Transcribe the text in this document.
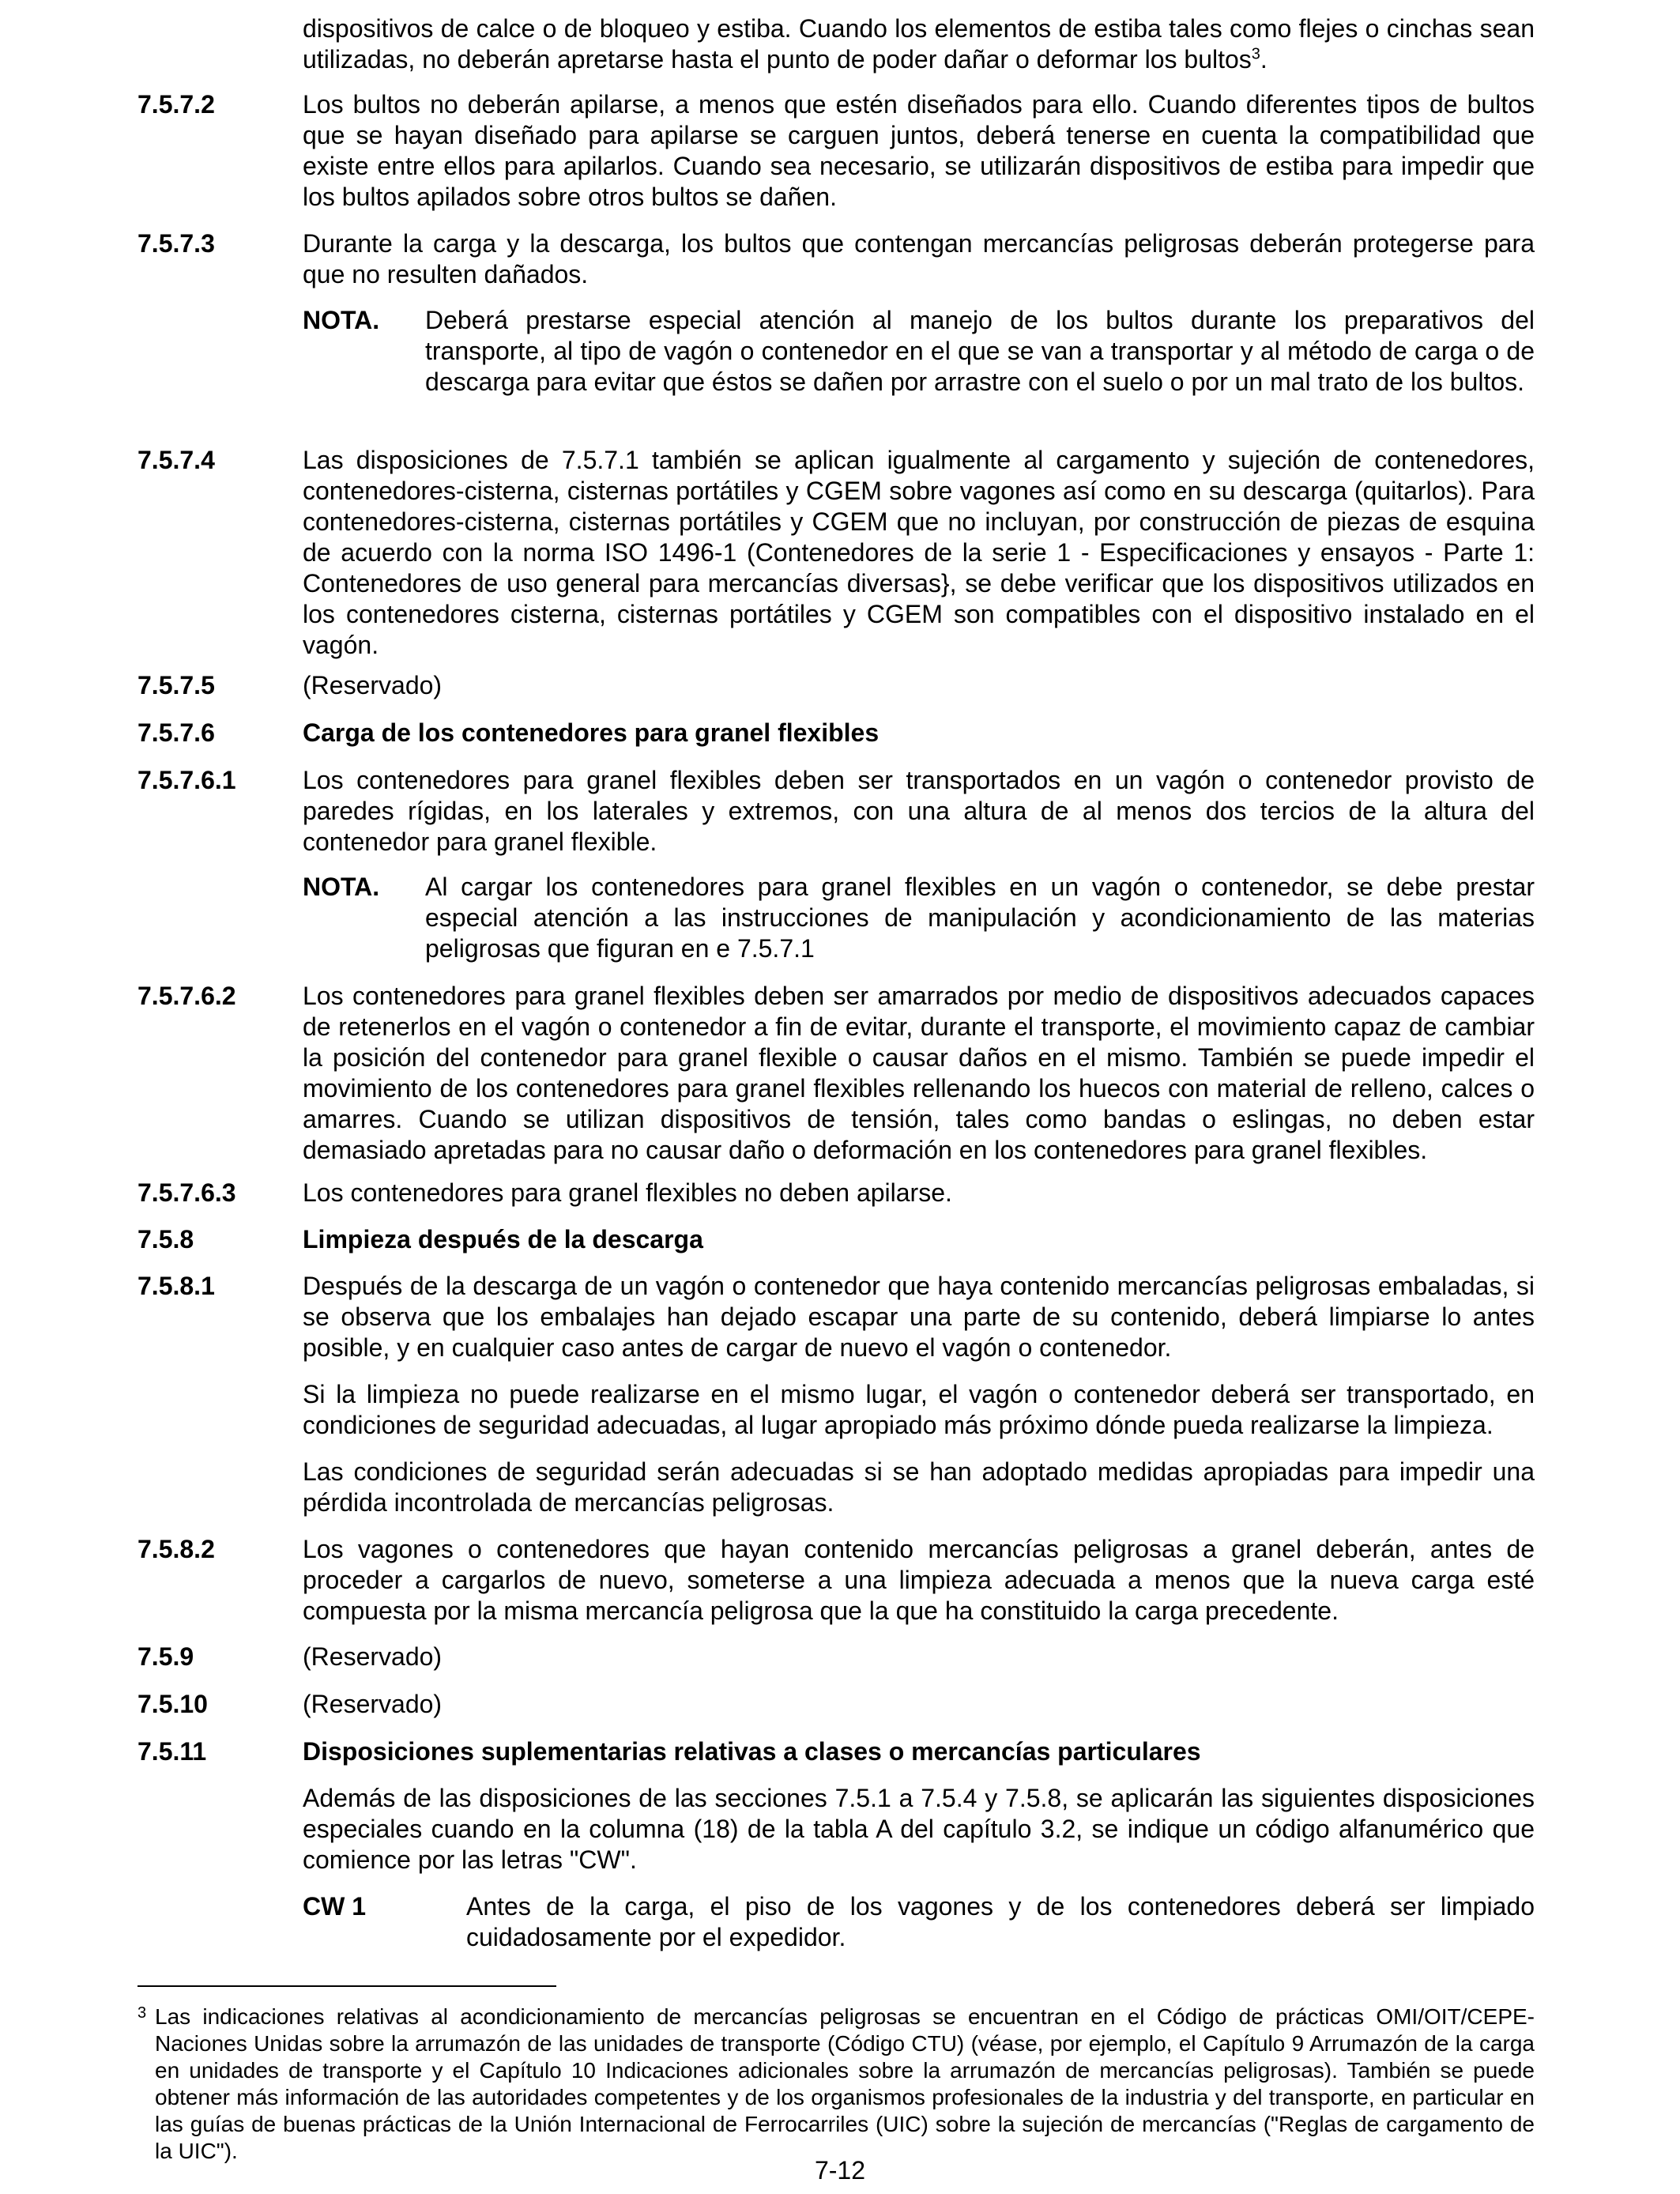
dispositivos de calce o de bloqueo y estiba. Cuando los elementos de estiba tales como flejes o cinchas sean utilizadas, no deberán apretarse hasta el punto de poder dañar o deformar los bultos$^3$.
7.5.7.2	Los bultos no deberán apilarse, a menos que estén diseñados para ello. Cuando diferentes tipos de bultos que se hayan diseñado para apilarse se carguen juntos, deberá tenerse en cuenta la compatibilidad que existe entre ellos para apilarlos. Cuando sea necesario, se utilizarán dispositivos de estiba para impedir que los bultos apilados sobre otros bultos se dañen.
7.5.7.3	Durante la carga y la descarga, los bultos que contengan mercancías peligrosas deberán protegerse para que no resulten dañados.
NOTA. Deberá prestarse especial atención al manejo de los bultos durante los preparativos del transporte, al tipo de vagón o contenedor en el que se van a transportar y al método de carga o de descarga para evitar que éstos se dañen por arrastre con el suelo o por un mal trato de los bultos.
7.5.7.4	Las disposiciones de 7.5.7.1 también se aplican igualmente al cargamento y sujeción de contenedores, contenedores-cisterna, cisternas portátiles y CGEM sobre vagones así como en su descarga (quitarlos). Para contenedores-cisterna, cisternas portátiles y CGEM que no incluyan, por construcción de piezas de esquina de acuerdo con la norma ISO 1496-1 (Contenedores de la serie 1 - Especificaciones y ensayos - Parte 1: Contenedores de uso general para mercancías diversas}, se debe verificar que los dispositivos utilizados en los contenedores cisterna, cisternas portátiles y CGEM son compatibles con el dispositivo instalado en el vagón.
7.5.7.5	(Reservado)
7.5.7.6	Carga de los contenedores para granel flexibles
7.5.7.6.1	Los contenedores para granel flexibles deben ser transportados en un vagón o contenedor provisto de paredes rígidas, en los laterales y extremos, con una altura de al menos dos tercios de la altura del contenedor para granel flexible.
NOTA. Al cargar los contenedores para granel flexibles en un vagón o contenedor, se debe prestar especial atención a las instrucciones de manipulación y acondicionamiento de las materias peligrosas que figuran en e 7.5.7.1
7.5.7.6.2	Los contenedores para granel flexibles deben ser amarrados por medio de dispositivos adecuados capaces de retenerlos en el vagón o contenedor a fin de evitar, durante el transporte, el movimiento capaz de cambiar la posición del contenedor para granel flexible o causar daños en el mismo. También se puede impedir el movimiento de los contenedores para granel flexibles rellenando los huecos con material de relleno, calces o amarres. Cuando se utilizan dispositivos de tensión, tales como bandas o eslingas, no deben estar demasiado apretadas para no causar daño o deformación en los contenedores para granel flexibles.
7.5.7.6.3	Los contenedores para granel flexibles no deben apilarse.
7.5.8	Limpieza después de la descarga
7.5.8.1	Después de la descarga de un vagón o contenedor que haya contenido mercancías peligrosas embaladas, si se observa que los embalajes han dejado escapar una parte de su contenido, deberá limpiarse lo antes posible, y en cualquier caso antes de cargar de nuevo el vagón o contenedor.
Si la limpieza no puede realizarse en el mismo lugar, el vagón o contenedor deberá ser transportado, en condiciones de seguridad adecuadas, al lugar apropiado más próximo dónde pueda realizarse la limpieza.
Las condiciones de seguridad serán adecuadas si se han adoptado medidas apropiadas para impedir una pérdida incontrolada de mercancías peligrosas.
7.5.8.2	Los vagones o contenedores que hayan contenido mercancías peligrosas a granel deberán, antes de proceder a cargarlos de nuevo, someterse a una limpieza adecuada a menos que la nueva carga esté compuesta por la misma mercancía peligrosa que la que ha constituido la carga precedente.
7.5.9	(Reservado)
7.5.10	(Reservado)
7.5.11	Disposiciones suplementarias relativas a clases o mercancías particulares
Además de las disposiciones de las secciones 7.5.1 a 7.5.4 y 7.5.8, se aplicarán las siguientes disposiciones especiales cuando en la columna (18) de la tabla A del capítulo 3.2, se indique un código alfanumérico que comience por las letras "CW".
CW 1	Antes de la carga, el piso de los vagones y de los contenedores deberá ser limpiado cuidadosamente por el expedidor.
3 Las indicaciones relativas al acondicionamiento de mercancías peligrosas se encuentran en el Código de prácticas OMI/OIT/CEPE-Naciones Unidas sobre la arrumazón de las unidades de transporte (Código CTU) (véase, por ejemplo, el Capítulo 9 Arrumazón de la carga en unidades de transporte y el Capítulo 10 Indicaciones adicionales sobre la arrumazón de mercancías peligrosas). También se puede obtener más información de las autoridades competentes y de los organismos profesionales de la industria y del transporte, en particular en las guías de buenas prácticas de la Unión Internacional de Ferrocarriles (UIC) sobre la sujeción de mercancías ("Reglas de cargamento de la UIC").
7-12
